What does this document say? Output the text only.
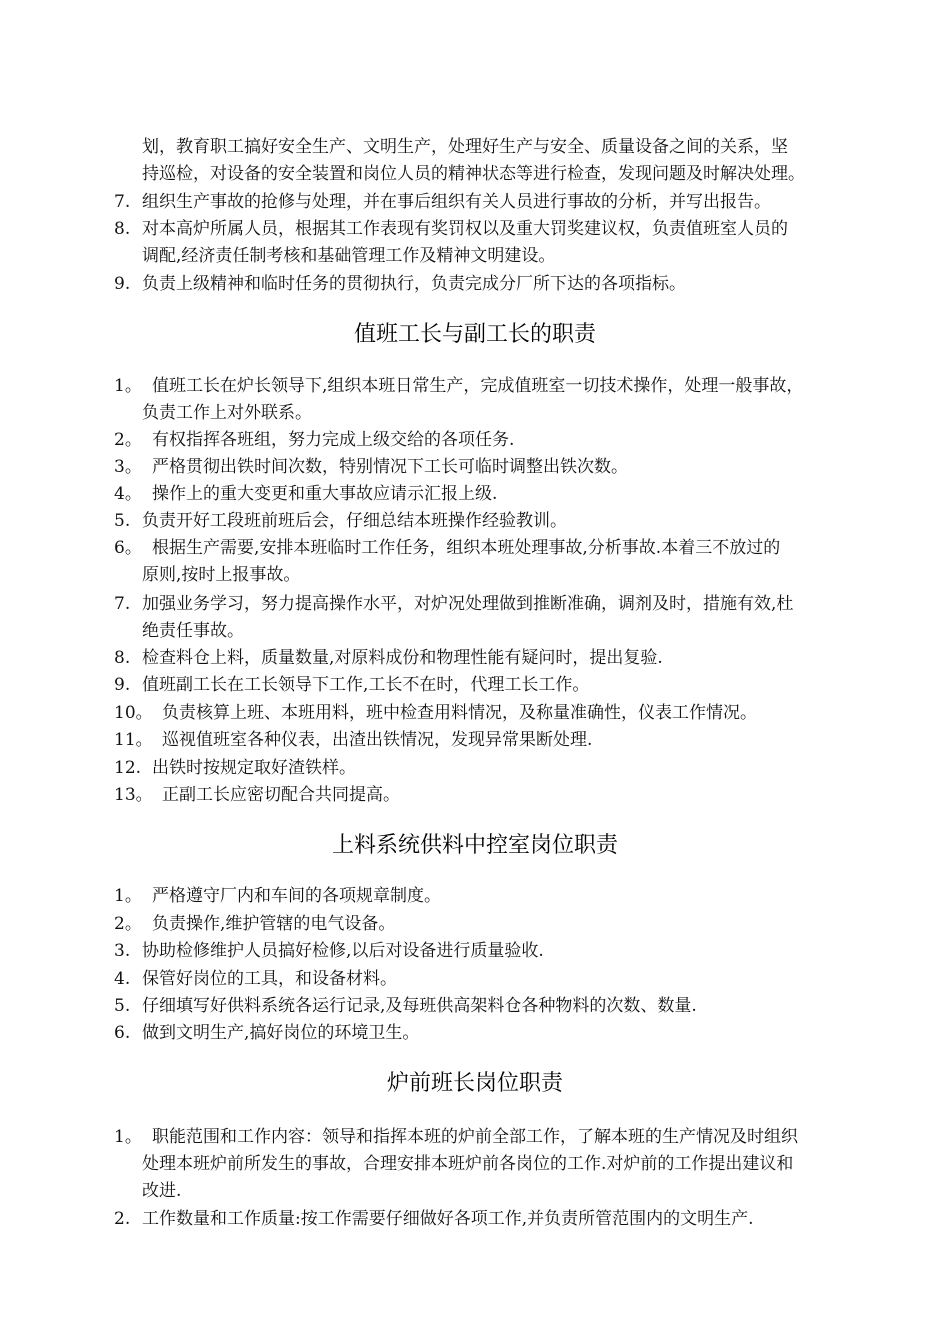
划，教育职工搞好安全生产、文明生产，处理好生产与安全、质量设备之间的关系，坚
持巡检，对设备的安全装置和岗位人员的精神状态等进行检查，发现问题及时解决处理。
7. 组织生产事故的抢修与处理，并在事后组织有关人员进行事故的分析，并写出报告。
8. 对本高炉所属人员，根据其工作表现有奖罚权以及重大罚奖建议权，负责值班室人员的
调配,经济责任制考核和基础管理工作及精神文明建设。
9. 负责上级精神和临时任务的贯彻执行，负责完成分厂所下达的各项指标。
值班工长与副工长的职责
1。 值班工长在炉长领导下,组织本班日常生产，完成值班室一切技术操作，处理一般事故，
负责工作上对外联系。
2。 有权指挥各班组，努力完成上级交给的各项任务.
3。 严格贯彻出铁时间次数，特别情况下工长可临时调整出铁次数。
4。 操作上的重大变更和重大事故应请示汇报上级.
5. 负责开好工段班前班后会，仔细总结本班操作经验教训。
6。 根据生产需要,安排本班临时工作任务，组织本班处理事故,分析事故.本着三不放过的
原则,按时上报事故。
7. 加强业务学习，努力提高操作水平，对炉况处理做到推断准确，调剂及时，措施有效,杜
绝责任事故。
8. 检查料仓上料，质量数量,对原料成份和物理性能有疑问时，提出复验.
9. 值班副工长在工长领导下工作,工长不在时，代理工长工作。
10。 负责核算上班、本班用料，班中检查用料情况，及称量准确性，仪表工作情况。
11。 巡视值班室各种仪表，出渣出铁情况，发现异常果断处理.
12. 出铁时按规定取好渣铁样。
13。 正副工长应密切配合共同提高。
上料系统供料中控室岗位职责
1。 严格遵守厂内和车间的各项规章制度。
2。 负责操作,维护管辖的电气设备。
3. 协助检修维护人员搞好检修,以后对设备进行质量验收.
4. 保管好岗位的工具，和设备材料。
5. 仔细填写好供料系统各运行记录,及每班供高架料仓各种物料的次数、数量.
6. 做到文明生产,搞好岗位的环境卫生。
炉前班长岗位职责
1。 职能范围和工作内容：领导和指挥本班的炉前全部工作，了解本班的生产情况及时组织
处理本班炉前所发生的事故，合理安排本班炉前各岗位的工作.对炉前的工作提出建议和
改进.
2. 工作数量和工作质量:按工作需要仔细做好各项工作,并负责所管范围内的文明生产.
